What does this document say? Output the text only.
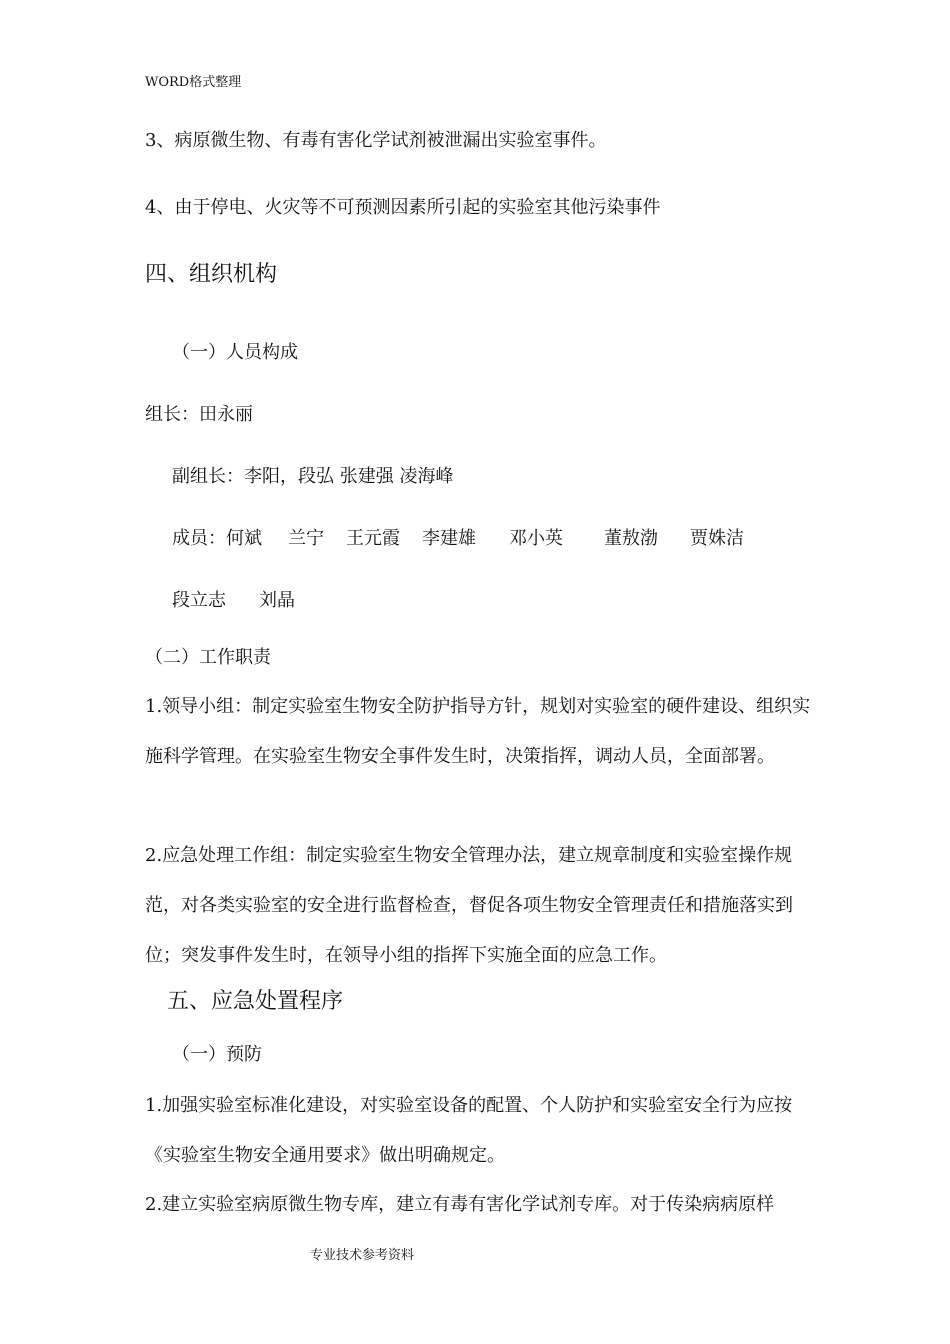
WORD格式整理
3、病原微生物、有毒有害化学试剂被泄漏出实验室事件。
4、由于停电、火灾等不可预测因素所引起的实验室其他污染事件
四、组织机构
（一）人员构成
组长：田永丽
副组长：李阳，段弘 张建强 凌海峰
成员：何斌 兰宁 王元霞 李建雄 邓小英 董敖渤 贾姝洁
段立志 刘晶
（二）工作职责
1.领导小组：制定实验室生物安全防护指导方针，规划对实验室的硬件建设、组织实施科学管理。在实验室生物安全事件发生时，决策指挥，调动人员，全面部署。
2.应急处理工作组：制定实验室生物安全管理办法，建立规章制度和实验室操作规范，对各类实验室的安全进行监督检查，督促各项生物安全管理责任和措施落实到位；突发事件发生时，在领导小组的指挥下实施全面的应急工作。
五、应急处置程序
（一）预防
1.加强实验室标准化建设，对实验室设备的配置、个人防护和实验室安全行为应按《实验室生物安全通用要求》做出明确规定。
2.建立实验室病原微生物专库，建立有毒有害化学试剂专库。对于传染病病原样
专业技术参考资料
